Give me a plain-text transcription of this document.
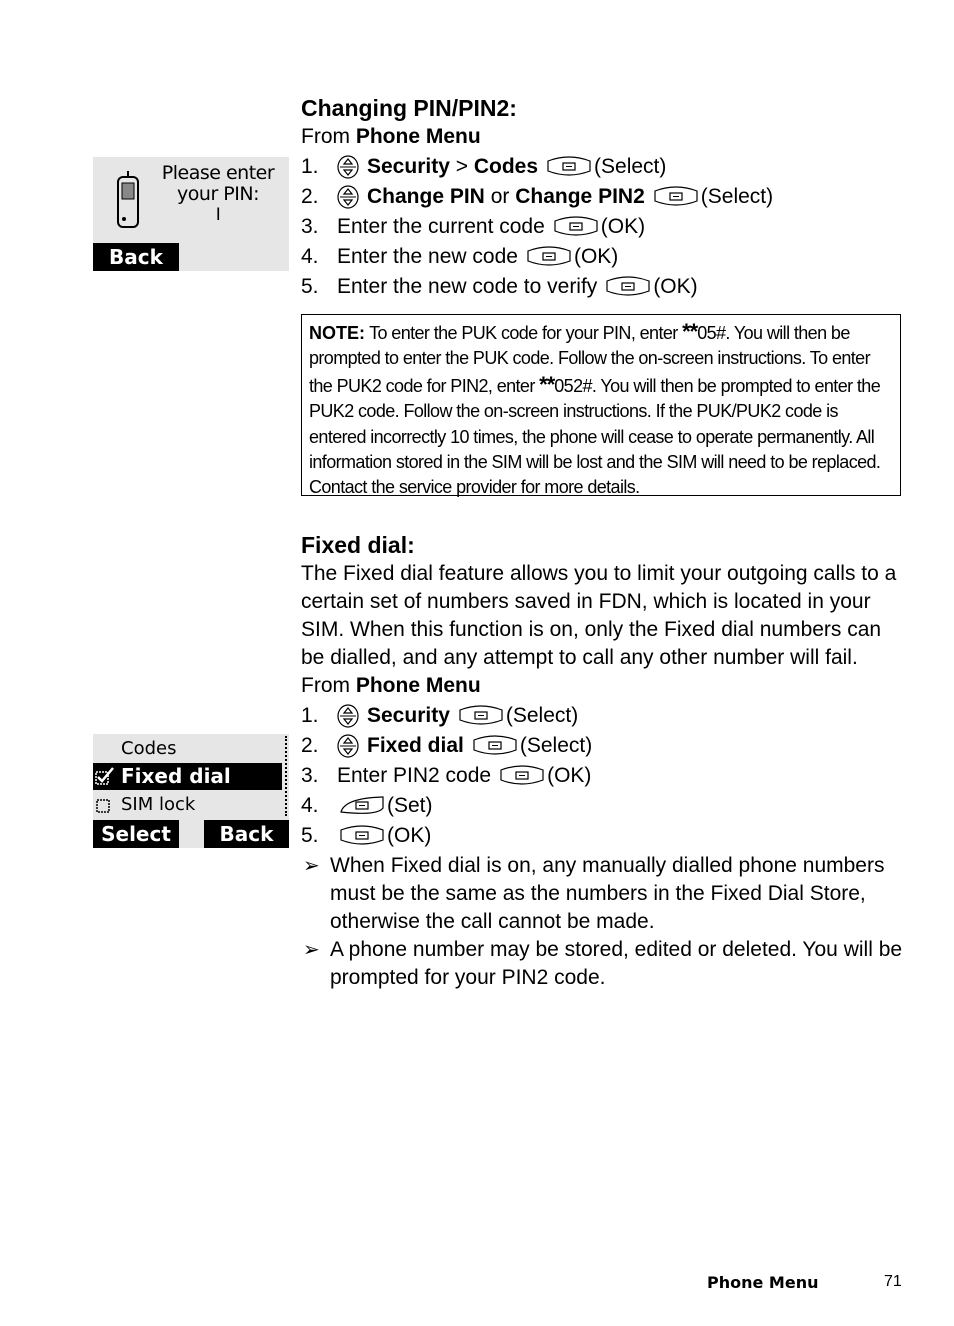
Please enter
your PIN:
I
Back
Codes
Fixed dial
SIM lock
Select	Back
Changing PIN/PIN2:
From Phone Menu
1. Security
>
Codes	(Select)
2. Change PIN
or
Change PIN2	(Select)
3. Enter the current code	(OK)
4. Enter the new code	(OK)
5. Enter the new code to verify	(OK)
NOTE: To enter the PUK code for your PIN, enter **05#. You will then be prompted to enter the PUK code. Follow the on-screen instructions. To enter the PUK2 code for PIN2, enter **052#. You will then be prompted to enter the PUK2 code. Follow the on-screen instructions. If the PUK/PUK2 code is entered incorrectly 10 times, the phone will cease to operate permanently. All information stored in the SIM will be lost and the SIM will need to be replaced. Contact the service provider for more details.
Fixed dial:
The Fixed dial feature allows you to limit your outgoing calls to a certain set of numbers saved in FDN, which is located in your SIM. When this function is on, only the Fixed dial numbers can be dialled, and any attempt to call any other number will fail.
From Phone Menu
1. Security	(Select)
2. Fixed dial	(Select)
3. Enter PIN2 code	(OK)
4.	(Set)
5.	(OK)
➢ When Fixed dial is on, any manually dialled phone numbers must be the same as the numbers in the Fixed Dial Store, otherwise the call cannot be made.
➢ A phone number may be stored, edited or deleted. You will be prompted for your PIN2 code.
Phone Menu	71
